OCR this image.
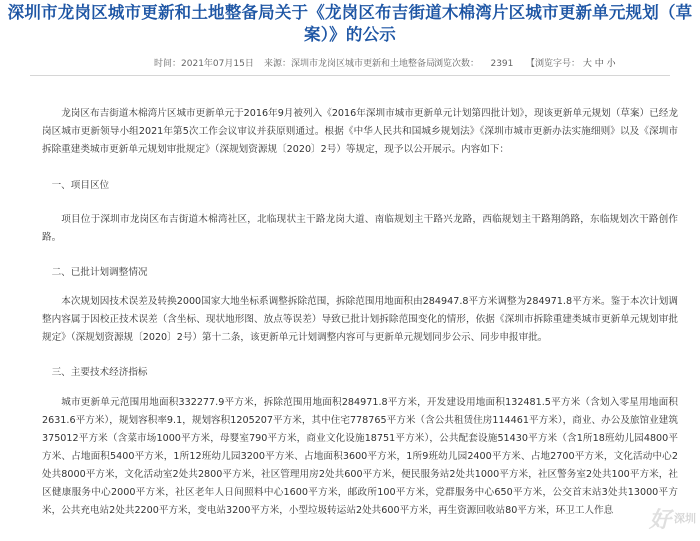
深圳市龙岗区城市更新和土地整备局关于《龙岗区布吉街道木棉湾片区城市更新单元规划（草
案）》的公示
时间：2021年07月15日 来源：深圳市龙岗区城市更新和土地整备局
浏览次数： 2391 【浏览字号： 大 中 小

龙岗区布吉街道木棉湾片区城市更新单元于2016年9月被列入《2016年深圳市城市更新单元计划第四批计划》，现该更新单元规划（草案）已经龙岗区城市更新领导小组2021年第5次工作会议审议并获原则通过。根据《中华人民共和国城乡规划法》《深圳市城市更新办法实施细则》以及《深圳市拆除重建类城市更新单元规划审批规定》（深规划资源规〔2020〕2号）等规定，现予以公开展示。内容如下：

一、项目区位

项目位于深圳市龙岗区布吉街道木棉湾社区，北临现状主干路龙岗大道、南临规划主干路兴龙路，西临规划主干路翔鸽路，东临规划次干路创作路。

二、已批计划调整情况

本次规划因技术误差及转换2000国家大地坐标系调整拆除范围，拆除范围用地面积由284947.8平方米调整为284971.8平方米。鉴于本次计划调整内容属于因校正技术误差（含坐标、现状地形图、放点等误差）导致已批计划拆除范围变化的情形，依据《深圳市拆除重建类城市更新单元规划审批规定》（深规划资源规〔2020〕2号）第十二条，该更新单元计划调整内容可与更新单元规划同步公示、同步申报审批。

三、主要技术经济指标

城市更新单元范围用地面积332277.9平方米，拆除范围用地面积284971.8平方米，开发建设用地面积132481.5平方米（含划入零星用地面积2631.6平方米），规划容积率9.1，规划容积1205207平方米，其中住宅778765平方米（含公共租赁住房114461平方米），商业、办公及旅馆业建筑375012平方米（含菜市场1000平方米，母婴室790平方米，商业文化设施18751平方米），公共配套设施51430平方米（含1所18班幼儿园4800平方米、占地面积5400平方米，1所12班幼儿园3200平方米、占地面积3600平方米，1所9班幼儿园2400平方米、占地2700平方米，文化活动中心2处共8000平方米，文化活动室2处共2800平方米，社区管理用房2处共600平方米，便民服务站2处共1000平方米，社区警务室2处共100平方米，社区健康服务中心2000平方米，社区老年人日间照料中心1600平方米，邮政所100平方米，党群服务中心650平方米，公交首末站3处共13000平方米，公共充电站2处共2200平方米，变电站3200平方米，小型垃圾转运站2处共600平方米，再生资源回收站80平方米，环卫工人作息	好 深圳
